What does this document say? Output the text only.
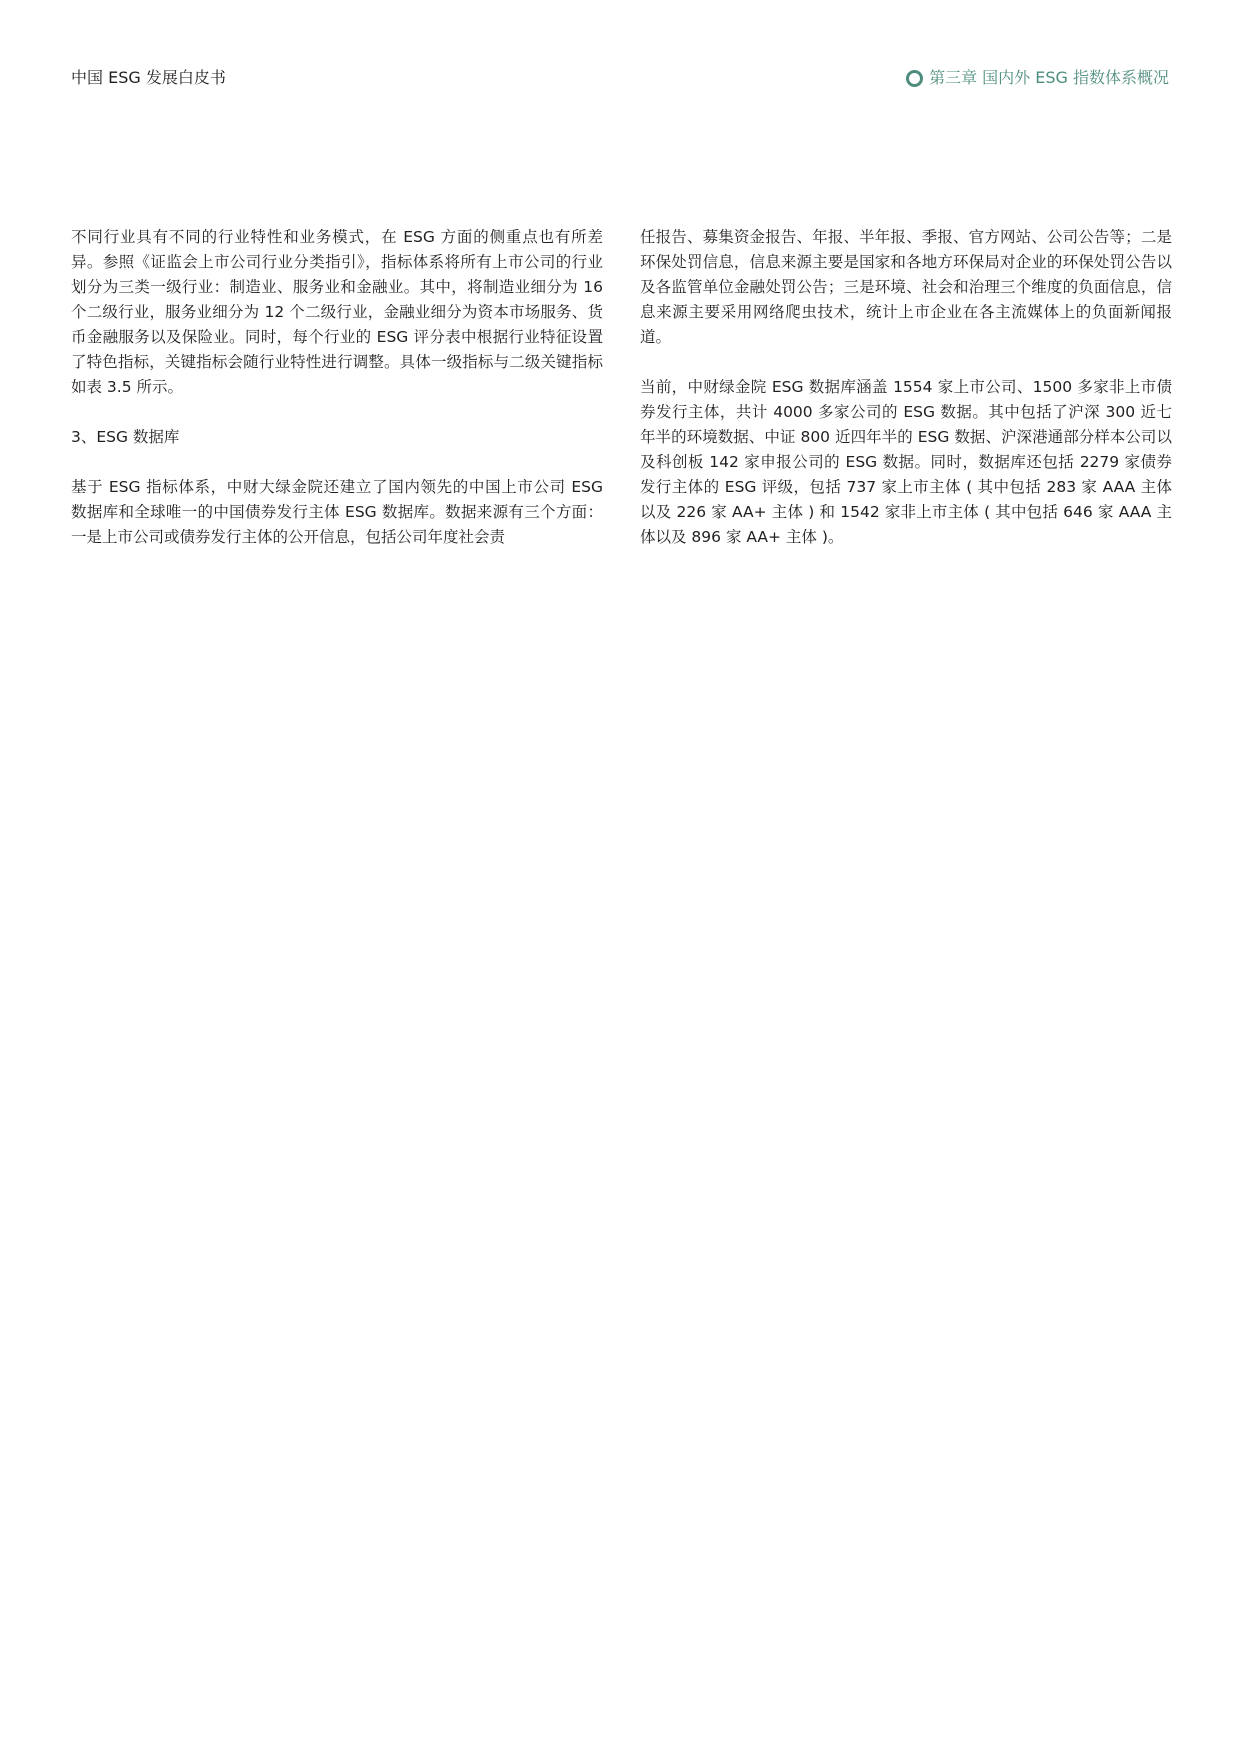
中国 ESG 发展白皮书	第三章 国内外 ESG 指数体系概况

不同行业具有不同的行业特性和业务模式，在 ESG 方面的侧重点也有所差异。参照《证监会上市公司行业分类指引》，指标体系将所有上市公司的行业划分为三类一级行业：制造业、服务业和金融业。其中，将制造业细分为 16 个二级行业，服务业细分为 12 个二级行业，金融业细分为资本市场服务、货币金融服务以及保险业。同时，每个行业的 ESG 评分表中根据行业特征设置了特色指标，关键指标会随行业特性进行调整。具体一级指标与二级关键指标如表 3.5 所示。

3、ESG 数据库

基于 ESG 指标体系，中财大绿金院还建立了国内领先的中国上市公司 ESG 数据库和全球唯一的中国债券发行主体 ESG 数据库。数据来源有三个方面：一是上市公司或债券发行主体的公开信息，包括公司年度社会责

任报告、募集资金报告、年报、半年报、季报、官方网站、公司公告等；二是环保处罚信息，信息来源主要是国家和各地方环保局对企业的环保处罚公告以及各监管单位金融处罚公告；三是环境、社会和治理三个维度的负面信息，信息来源主要采用网络爬虫技术，统计上市企业在各主流媒体上的负面新闻报道。

当前，中财绿金院 ESG 数据库涵盖 1554 家上市公司、1500 多家非上市债券发行主体，共计 4000 多家公司的 ESG 数据。其中包括了沪深 300 近七年半的环境数据、中证 800 近四年半的 ESG 数据、沪深港通部分样本公司以及科创板 142 家申报公司的 ESG 数据。同时，数据库还包括 2279 家债券发行主体的 ESG 评级，包括 737 家上市主体 ( 其中包括 283 家 AAA 主体以及 226 家 AA+ 主体 ) 和 1542 家非上市主体 ( 其中包括 646 家 AAA 主体以及 896 家 AA+ 主体 )。
